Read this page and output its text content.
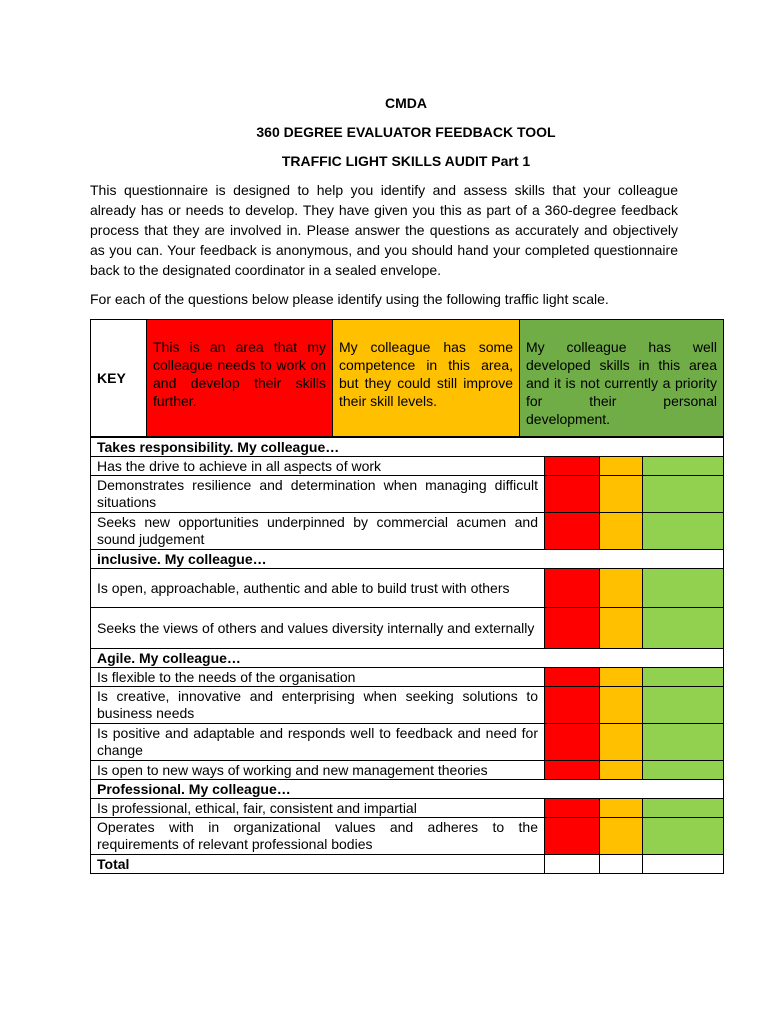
CMDA
360 DEGREE EVALUATOR FEEDBACK TOOL
TRAFFIC LIGHT SKILLS AUDIT Part 1

This questionnaire is designed to help you identify and assess skills that your colleague already has or needs to develop. They have given you this as part of a 360-degree feedback process that they are involved in. Please answer the questions as accurately and objectively as you can. Your feedback is anonymous, and you should hand your completed questionnaire back to the designated coordinator in a sealed envelope.

For each of the questions below please identify using the following traffic light scale.

KEY	This is an area that my colleague needs to work on and develop their skills further.	My colleague has some competence in this area, but they could still improve their skill levels.	My colleague has well developed skills in this area and it is not currently a priority for their personal development.
Takes responsibility. My colleague…			
Has the drive to achieve in all aspects of work			
Demonstrates resilience and determination when managing difficult situations			
Seeks new opportunities underpinned by commercial acumen and sound judgement			
inclusive. My colleague…			
Is open, approachable, authentic and able to build trust with others			
Seeks the views of others and values diversity internally and externally			
Agile. My colleague…			
Is flexible to the needs of the organisation			
Is creative, innovative and enterprising when seeking solutions to business needs			
Is positive and adaptable and responds well to feedback and need for change			
Is open to new ways of working and new management theories			
Professional. My colleague…			
Is professional, ethical, fair, consistent and impartial			
Operates with in organizational values and adheres to the requirements of relevant professional bodies			
Total			
